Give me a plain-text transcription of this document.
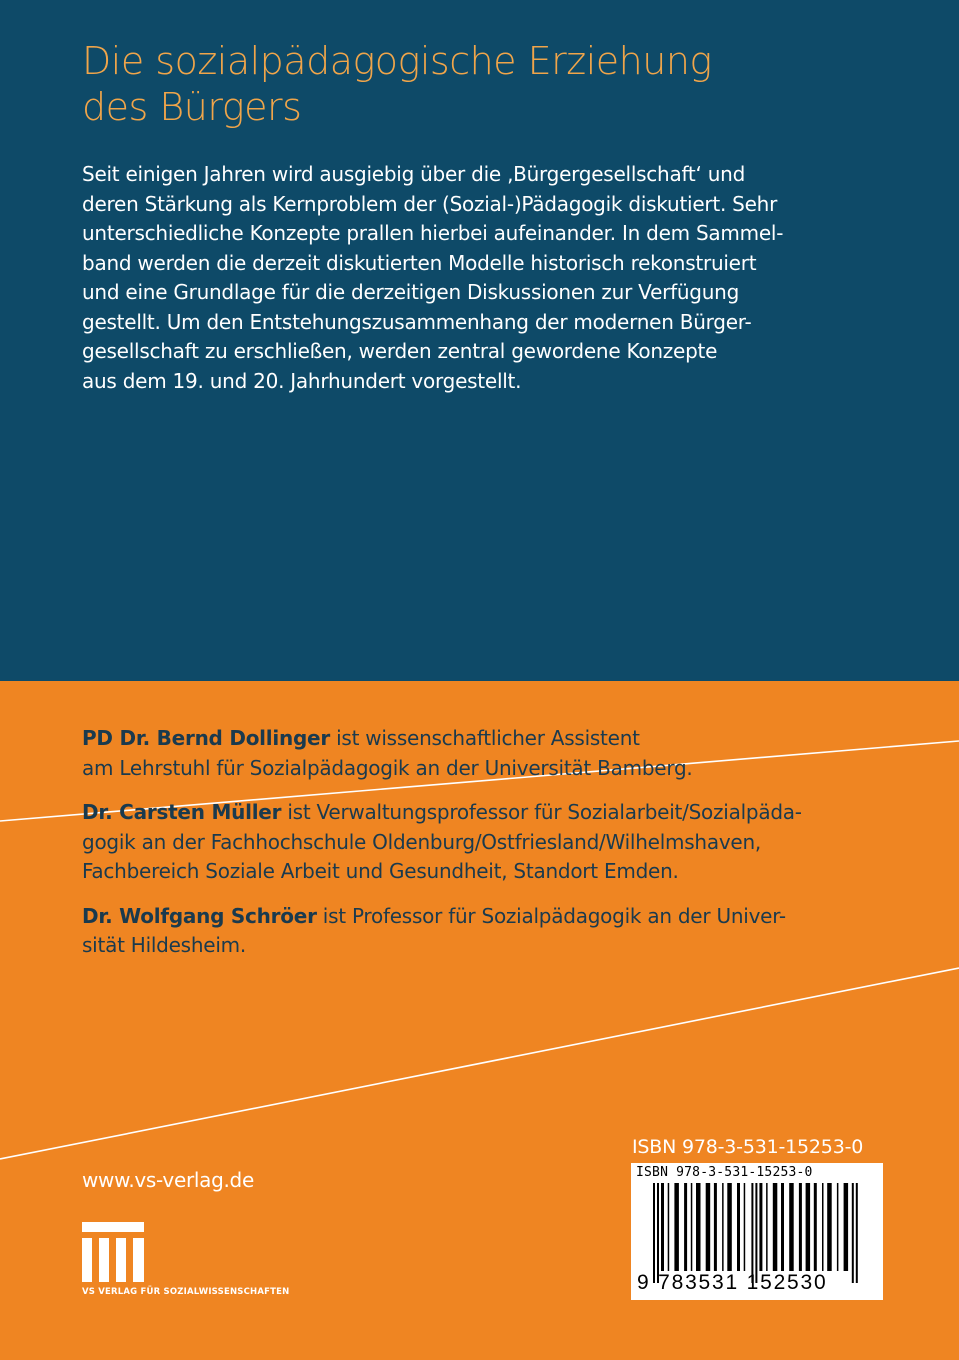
Die sozialpädagogische Erziehung
des Bürgers
Seit einigen Jahren wird ausgiebig über die ‚Bürgergesellschaft‘ und
deren Stärkung als Kernproblem der (Sozial-)Pädagogik diskutiert. Sehr
unterschiedliche Konzepte prallen hierbei aufeinander. In dem Sammel-
band werden die derzeit diskutierten Modelle historisch rekonstruiert
und eine Grundlage für die derzeitigen Diskussionen zur Verfügung
gestellt. Um den Entstehungszusammenhang der modernen Bürger-
gesellschaft zu erschließen, werden zentral gewordene Konzepte
aus dem 19. und 20. Jahrhundert vorgestellt.
PD Dr. Bernd Dollinger ist wissenschaftlicher Assistent
am Lehrstuhl für Sozialpädagogik an der Universität Bamberg.
Dr. Carsten Müller ist Verwaltungsprofessor für Sozialarbeit/Sozialpäda-
gogik an der Fachhochschule Oldenburg/Ostfriesland/Wilhelmshaven,
Fachbereich Soziale Arbeit und Gesundheit, Standort Emden.
Dr. Wolfgang Schröer ist Professor für Sozialpädagogik an der Univer-
sität Hildesheim.
www.vs-verlag.de
VS VERLAG FÜR SOZIALWISSENSCHAFTEN
ISBN 978-3-531-15253-0
ISBN 978-3-531-15253-0
9 783531 152530
